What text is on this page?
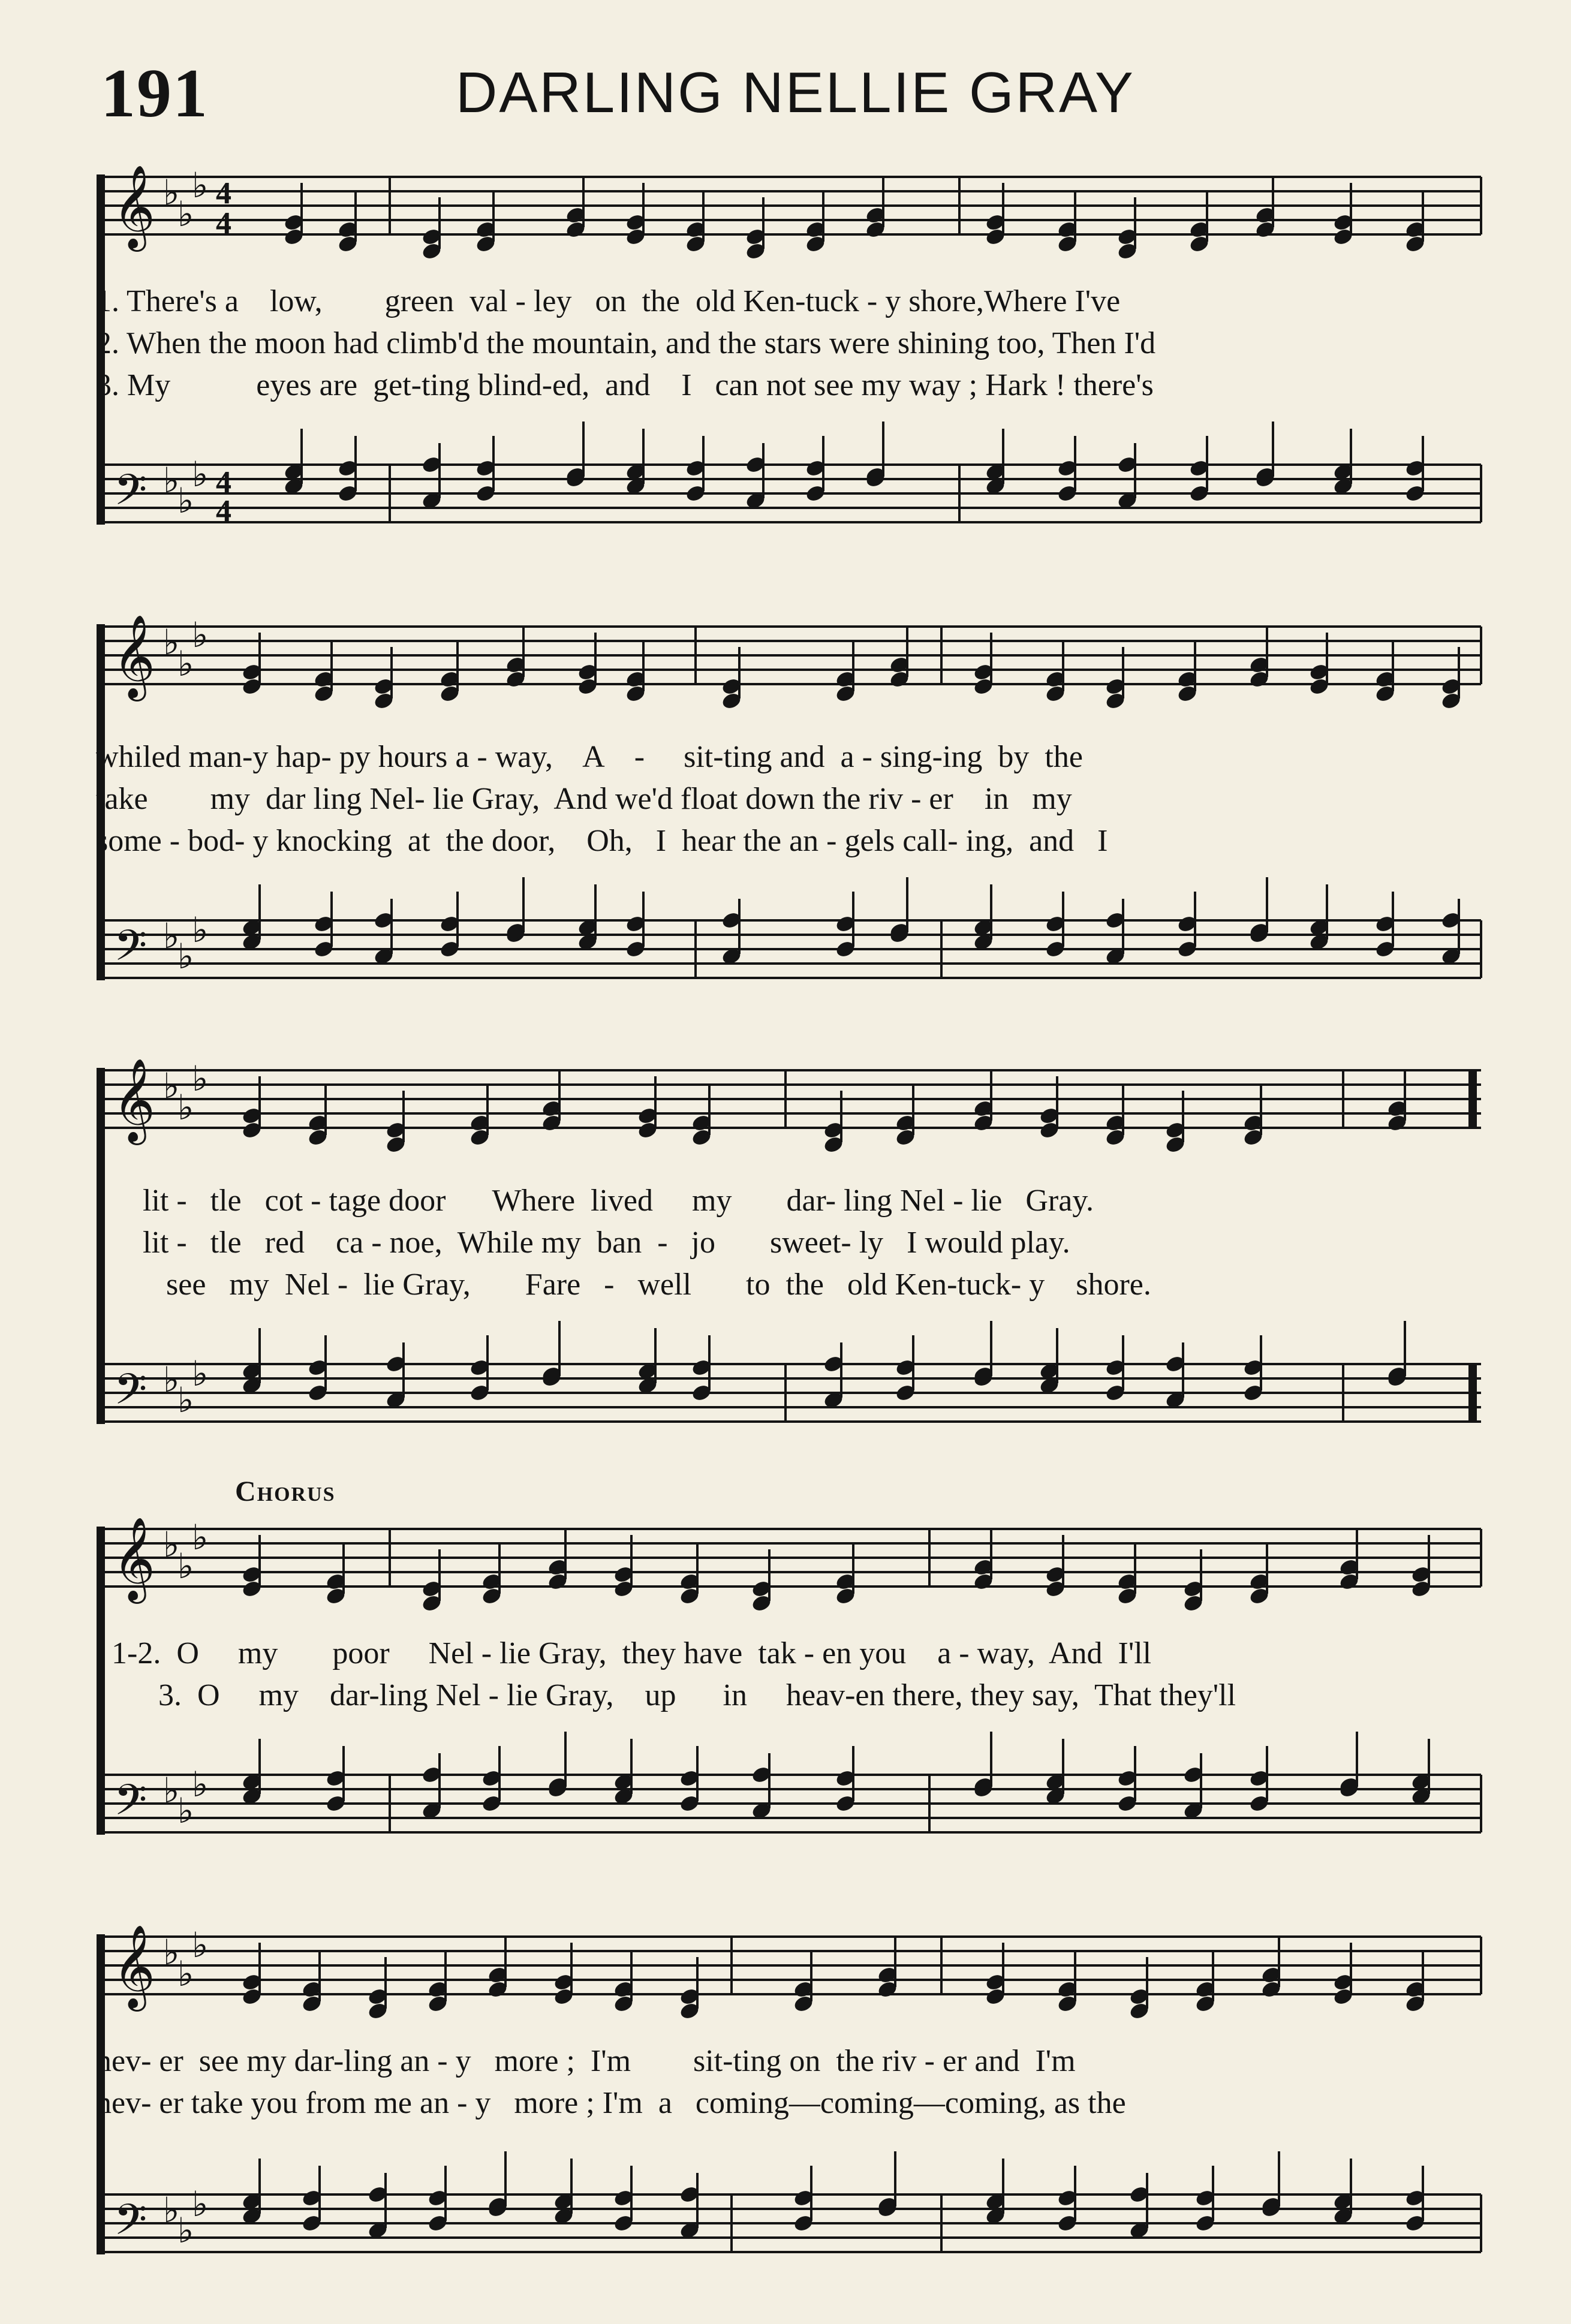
191	DARLING NELLIE GRAY
𝄞
𝄢
♭
♭
♭
♭
♭
♭
4
4
4
4
1. There's a    low,        green  val - ley   on  the  old Ken-tuck - y shore,Where I've
2. When the moon had climb'd the mountain, and the stars were shining too, Then I'd
3. My           eyes are  get-ting blind-ed,  and    I   can not see my way ; Hark ! there's
𝄞
𝄢
♭
♭
♭
♭
♭
♭
whiled man-y hap- py hours a - way,    A    -     sit-ting and  a - sing-ing  by  the
take        my  dar ling Nel- lie Gray,  And we'd float down the riv - er    in   my
some - bod- y knocking  at  the door,    Oh,   I  hear the an - gels call- ing,  and   I
𝄞
𝄢
♭
♭
♭
♭
♭
♭
lit -   tle   cot - tage door      Where  lived     my       dar- ling Nel - lie   Gray.
lit -   tle   red    ca - noe,  While my  ban  -   jo       sweet- ly   I would play.
see   my  Nel -  lie Gray,       Fare   -   well       to  the   old Ken-tuck- y    shore.
Chorus
𝄞
𝄢
♭
♭
♭
♭
♭
♭
1-2.  O     my       poor     Nel - lie Gray,  they have  tak - en you    a - way,  And  I'll
3.  O     my    dar-ling Nel - lie Gray,    up      in     heav-en there, they say,  That they'll
𝄞
𝄢
♭
♭
♭
♭
♭
♭
nev- er  see my dar-ling an - y   more ;  I'm        sit-ting on  the riv - er and  I'm
nev- er take you from me an - y   more ; I'm  a   coming—coming—coming, as the
